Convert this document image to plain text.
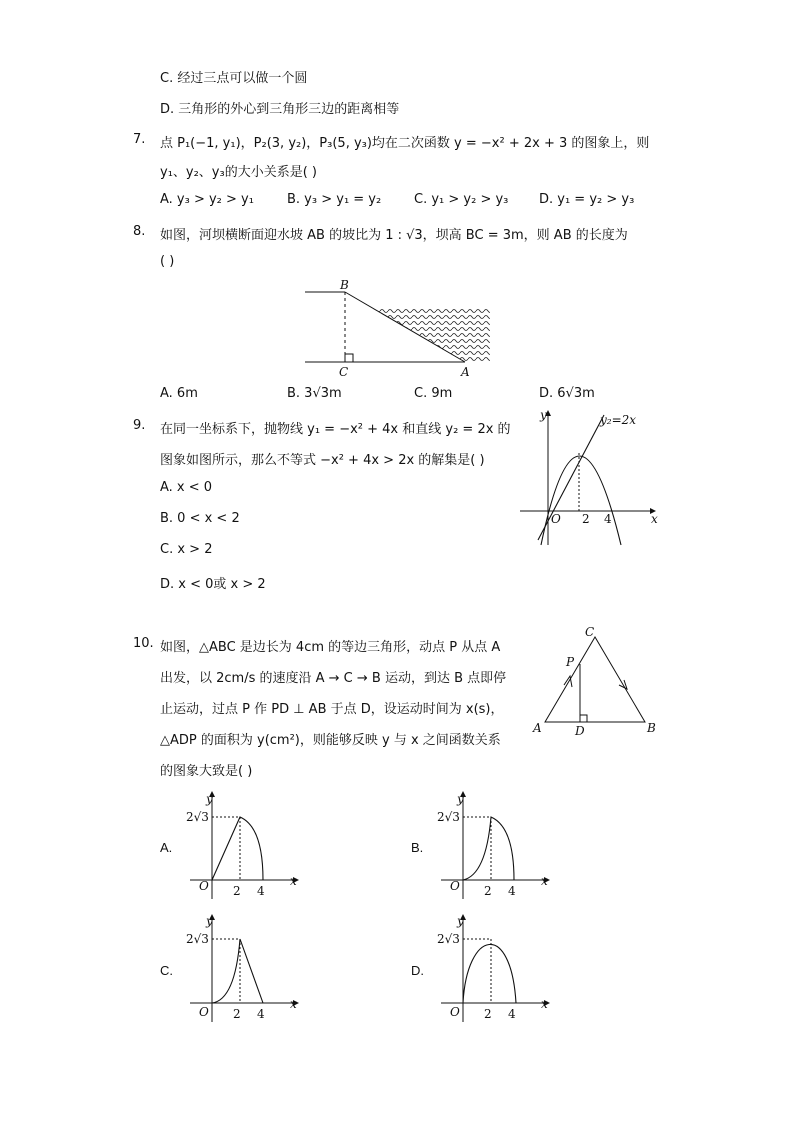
C. 经过三点可以做一个圆
D. 三角形的外心到三角形三边的距离相等
7. 点 P₁(−1, y₁)，P₂(3, y₂)，P₃(5, y₃)均在二次函数 y = −x² + 2x + 3 的图象上，则
y₁、y₂、y₃的大小关系是( )
A. y₃ > y₂ > y₁	B. y₃ > y₁ = y₂	C. y₁ > y₂ > y₃ D. y₁ = y₂ > y₃
8. 如图，河坝横断面迎水坡 AB 的坡比为 1 : √3，坝高 BC = 3m，则 AB 的长度为
( )
B
C	A
A. 6m	B. 3√3m	C. 9m	D. 6√3m
9. 在同一坐标系下，抛物线 y₁ = −x² + 4x 和直线 y₂ = 2x 的
图象如图所示，那么不等式 −x² + 4x > 2x 的解集是( )
A. x < 0
B. 0 < x < 2
C. x > 2
D. x < 0或 x > 2
y
x
O 2 4
y₂=2x
10. 如图，△ABC 是边长为 4cm 的等边三角形，动点 P 从点 A
出发，以 2cm/s 的速度沿 A → C → B 运动，到达 B 点即停
止运动，过点 P 作 PD ⊥ AB 于点 D，设运动时间为 x(s)，
△ADP 的面积为 y(cm²)，则能够反映 y 与 x 之间函数关系
的图象大致是( )
C
P
A	D	B
A.
y
x
O 2 4
2√3
B.
y
x
O 2 4
2√3
C.
y
x
O 2 4
2√3
D.
y
x
O 2 4
2√3
